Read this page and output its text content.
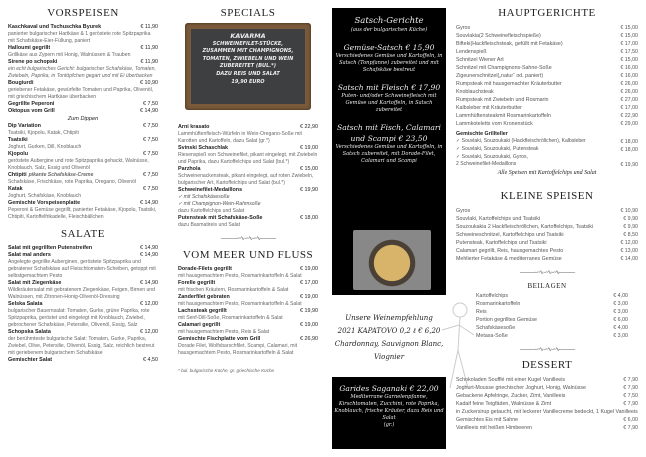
VORSPEISEN
Kaschkaval und Tschuschka Byurek	€ 11,90
panierter bulgarischer Hartkäse & 1 geröstete rote Spitzpaprika mit Schafskäse-Eier-Füllung, paniert
Halloumi gegrillt	€ 11,90
Grillkäse aus Zypern mit Honig, Walnüssen & Trauben
Sirene po schopski	€ 11,90
ein echt bulgarisches Gericht: bulgarischer Schafskäse, Tomaten, Zwiebeln, Paprika, in Tontöpfchen gegart und mit Ei überbacken
Bougiurdi	€ 10,90
geriebener Fetakäse, gewürfelte Tomaten und Paprika, Olivenöl, mit griechischem Hartkäse überbacken
Gegrillte Peperoni	€ 7,50
Oktopus vom Grill	€ 14,90
Zum Dippen
Dip Variation	€ 7,50
Tsatsiki, Kjopolu, Katak, Chtipiti
Tsatsiki	€ 7,50
Joghurt, Gurken, Dill, Knoblauch
Kjopolu	€ 7,50
geröstete Aubergine und rote Spitzpaprika gehackt, Walnüsse, Knoblauch, Salz, Essig und Olivenöl
Chtipiti pikante Schafskäse-Creme	€ 7,50
Schafskäse, Frischkäse, rote Paprika, Oregano, Olivenöl
Katak	€ 7,50
Joghurt, Schafskäse, Knoblauch
Gemischte Vorspeisenplatte	€ 14,90
Peperoni & Gemüse gegrillt, panierter Fetakäse, Kjopolu, Tsatsiki, Chtipiti, Kartoffelfrikadelle, Fleischbällchen
SALATE
Salat mit gegrillten Putenstreifen	€ 14,90
Salat mal anders	€ 14,90
Angelegte gegrillte Auberginen, geröstete Spitzpaprika und gebratener Schafskäse auf Fleischtomaten-Scheiben, getoppt mit selbstgemachtem Pesto
Salat mit Ziegenkäse	€ 14,90
Wildkräutersalat mit gebratenem Ziegenkäse, Feigen, Birnen und Walnüssen, mit Zitronen-Honig-Olivenöl-Dressing
Selska Salata	€ 12,00
bulgarischer Bauernsalat: Tomaten, Gurke, grüne Paprika, rote Spitzpaprika, geröstet und eingelegt mit Knoblauch, Zwiebel, gebrochener Schafskäse, Petersilie, Olivenöl, Essig, Salz
Schopska Salata	€ 12,00
der berühmteste bulgarische Salat: Tomaten, Gurke, Paprika, Zwiebel, Olive, Petersilie, Olivenöl, Essig, Salz, reichlich bestreut mit geriebenem bulgarischem Schafskäse
Gemischter Salat	€ 4,50
SPECIALS
KAVARMA
SCHWEINEFILET-STÜCKE,
ZUSAMMEN MIT CHAMPIGNONS,
TOMATEN, ZWIEBELN UND WEIN
ZUBEREITET (BUL.*)
DAZU REIS UND SALAT
19,90 EURO
Arni krasato	€ 22,90
Lammhüftenfleisch-Würfeln in Wein-Oregano-Soße mit Karotten und Kartoffeln, dazu Salat (gr.*)
Svinski Schaschlak	€ 19,00
Riesenspieß von Schweinefilet, pikant eingelegt, mit Zwiebeln und Paprika, dazu Kartoffelchips und Salat (bul.*)
Parzhola	€ 15,00
Schweinenackensteak, pikant eingelegt, auf roten Zwiebeln, bulgarischer Art, Kartoffelchips und Salat (bul.*)
Schweinefilet-Medaillons	€ 19,90
✓ mit Schafskäsesoße
✓ mit Champignon-Wein-Rahmsoße
dazu Kartoffelchips und Salat
Putensteak mit Schafskäse-Soße	€ 18,00
dazu Basmatireis und Salat
———∽∿∽∿∽∿———
VOM MEER UND FLUSS
Dorade-Filets gegrillt	€ 19,00
mit hausgemachtem Pesto, Rosmarinkartoffeln & Salat
Forelle gegrillt	€ 17,00
mit frischen Kräutern, Rosmarinkartoffeln & Salat
Zanderfilet gebraten	€ 19,00
mit hausgemachtem Pesto, Rosmarinkartoffeln & Salat
Lachssteak gegrillt	€ 19,90
mit Senf-Dill-Soße, Rosmarinkartoffeln & Salat
Calamari gegrillt	€ 19,00
mit hausgemachtem Pesto, Reis & Salat
Gemischte Fischplatte vom Grill	€ 26,90
Dorade Filet, Wolfsbarschfilet, Scampi, Calamari, mit hausgemachtem Pesto, Rosmarinkartoffeln & Salat
* bul. bulgarische Küche, gr. griechische Küche
Satsch-Gerichte
(aus der bulgarischen Küche)
Gemüse-Satsch € 15,90
Verschiedenes Gemüse und Kartoffeln, in Satsch (Tonpfanne) zubereitet und mit Schafskäse bestreut
Satsch mit Fleisch € 17,90
Puten- und/oder Schweinefleisch mit Gemüse und Kartoffeln, in Satsch zubereitet
Satsch mit Fisch, Calamari und Scampi € 23,50
Verschiedenes Gemüse und Kartoffeln, in Satsch zubereitet, mit Dorade-Filet, Calamari und Scampi
Unsere Weinempfehlung
2021 KAPATOVO 0,2 ℓ € 6,20
Chardonnay, Sauvignon Blanc, Viognier
Garides Saganaki € 22,00
Mediterrane Garnelenpfanne, Kirschtomaten, Zucchini, rote Paprika, Knoblauch, frische Kräuter, dazu Reis und Salat
(gr.)
HAUPTGERICHTE
Gyros	€ 15,00
Souvlakia(2 Schweinefleischspieße)	€ 15,00
Bifteki(Hackfleischsteak, gefüllt mit Fetakäse)	€ 17,00
Lendenspieß	€ 17,50
Schnitzel Wiener Art	€ 15,00
Schnitzel mit Champignons-Sahne-Soße	€ 16,00
Zigeunerschnitzel(„natur“ od. paniert)	€ 16,00
Rumpsteak mit hausgemachter Kräuterbutter	€ 26,00
Knoblauchsteak	€ 26,00
Rumpsteak mit Zwiebeln und Rosmarin	€ 27,00
Kalbsleber mit Kräuterbutter	€ 17,00
Lammhüftensteakmit Rosmarinkartoffeln	€ 22,90
Lammkoteletts vom Kronenstück	€ 29,00
Gemischte Grillteller
✓ Souvlaki, Souzoukaki (Hackfleischröllchen), Kalbsleber	€ 18,00
✓ Souvlaki, Souzoukaki, Putensteak	€ 18,00
✓ Souvlaki, Souzoukaki, Gyros,
2 Schweinefilet-Medaillons	€ 19,90
Alle Speisen mit Kartoffelchips und Salat
KLEINE SPEISEN
Gyros	€ 10,90
Souvlaki, Kartoffelchips und Tsatsiki	€ 9,90
Souzoukakia 2 Hackfleischröllchen, Kartoffelchips, Tsatsiki	€ 9,90
Schweineschnitzel, Kartoffelchips und Tsatsiki	€ 8,50
Putensteak, Kartoffelchips und Tsatsiki	€ 12,00
Calamari gegrillt, Reis, hausgemachtes Pesto	€ 13,00
Mehlierter Fetakäse & mediterranes Gemüse	€ 14,00
———∽∿∽∿∽∿———
BEILAGEN
Kartoffelchips	€ 4,00
Rosmarinkartoffeln	€ 3,00
Reis	€ 3,00
Portion gegrilltes Gemüse	€ 6,00
Schafskäsesoße	€ 4,00
Metaxa-Soße	€ 3,00
———∽∿∽∿∽∿———
DESSERT
Schokoladen Soufflé mit einer Kugel Vanilleeis	€ 7,90
Joghurt-Mousse griechischer Joghurt, Honig, Walnüsse	€ 7,90
Gebackene Apfelringe, Zucker, Zimt, Vanilleeis	€ 7,50
Kadaif feine Teigfäden, Walnüsse & Zimt	€ 7,90
in Zuckersirup getaucht, mit leckerer Vanillecreme bedeckt, 1 Kugel Vanilleeis
Gemischtes Eis mit Sahne	€ 6,00
Vanilleeis mit heißen Himbeeren	€ 7,90
